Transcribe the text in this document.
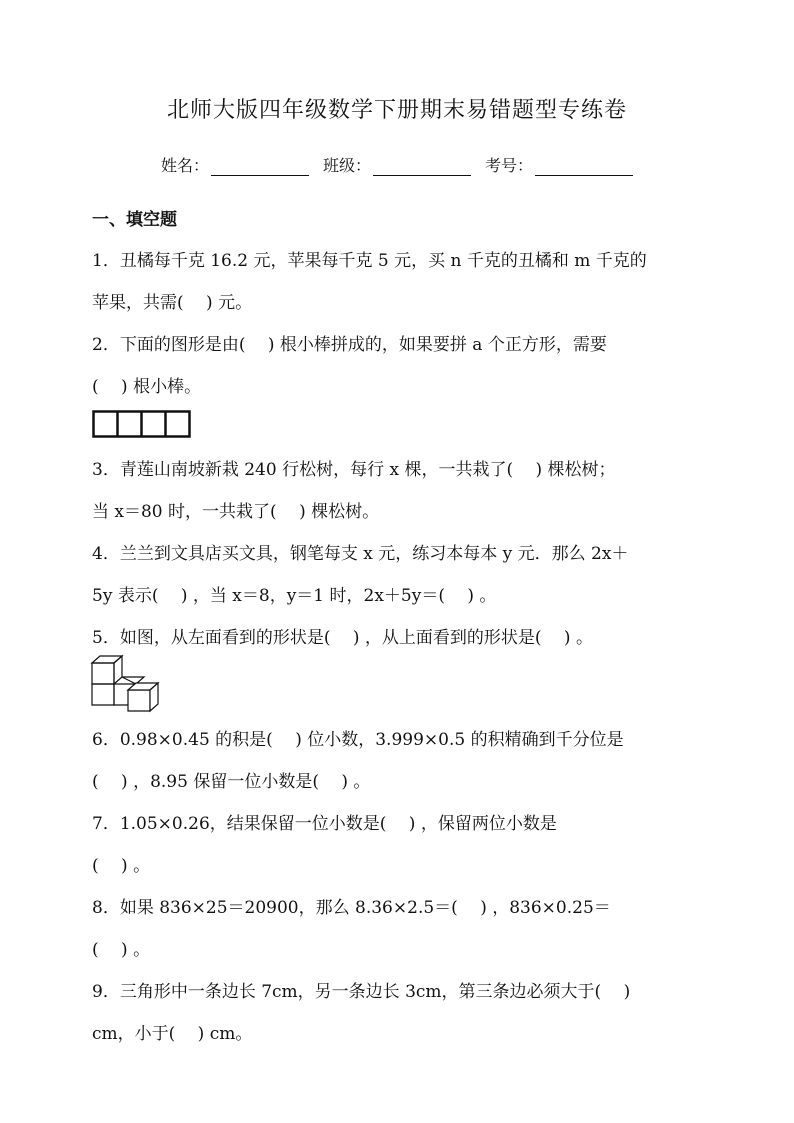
北师大版四年级数学下册期末易错题型专练卷
姓名：	班级：	考号：
一、填空题
1．丑橘每千克 16.2 元，苹果每千克 5 元，买 n 千克的丑橘和 m 千克的
苹果，共需(　 ) 元。
2．下面的图形是由(　 ) 根小棒拼成的，如果要拼 a 个正方形，需要
(　 ) 根小棒。
3．青莲山南坡新栽 240 行松树，每行 x 棵，一共栽了(　 ) 棵松树；
当 x＝80 时，一共栽了(　 ) 棵松树。
4．兰兰到文具店买文具，钢笔每支 x 元，练习本每本 y 元．那么 2x＋
5y 表示(　 ) ，当 x＝8，y＝1 时，2x＋5y＝(　 ) 。
5．如图，从左面看到的形状是(　 ) ，从上面看到的形状是(　 ) 。
6．0.98×0.45 的积是(　 ) 位小数，3.999×0.5 的积精确到千分位是
(　 ) ，8.95 保留一位小数是(　 ) 。
7．1.05×0.26，结果保留一位小数是(　 ) ，保留两位小数是
(　 ) 。
8．如果 836×25＝20900，那么 8.36×2.5＝(　 ) ，836×0.25＝
(　 ) 。
9．三角形中一条边长 7cm，另一条边长 3cm，第三条边必须大于(　 )
cm，小于(　 ) cm。
